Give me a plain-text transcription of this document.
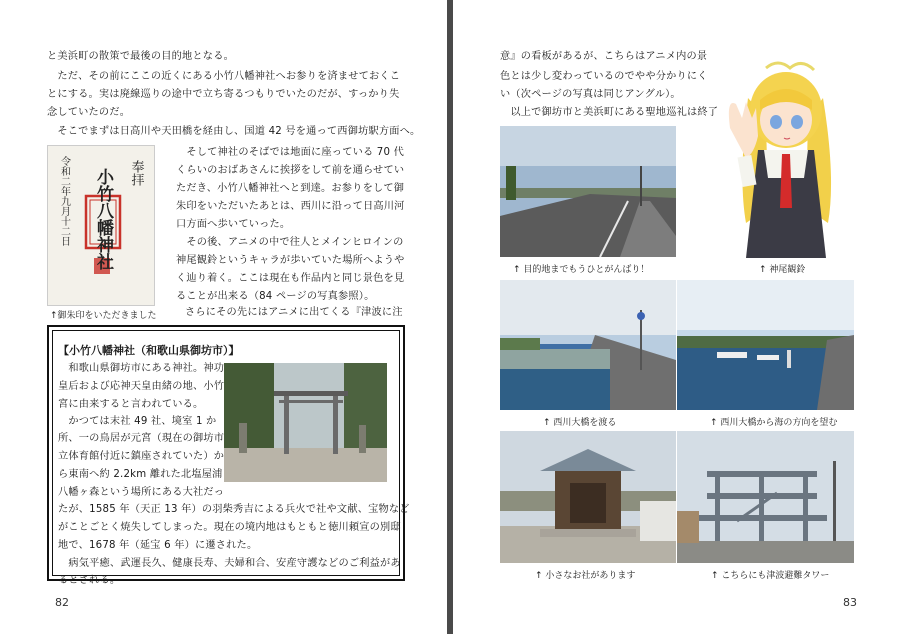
と美浜町の散策で最後の目的地となる。
　ただ、その前にここの近くにある小竹八幡神社へお参りを済ませておくこ
とにする。実は廃線巡りの途中で立ち寄るつもりでいたのだが、すっかり失
念していたのだ。
　そこでまずは日高川や天田橋を経由し、国道 42 号を通って西御坊駅方面へ。
奉拝
令和二年九月十二日 小竹八幡神社
　そして神社のそばでは地面に座っている 70 代
くらいのおばあさんに挨拶をして前を通らせてい
ただき、小竹八幡神社へと到達。お参りをして御
朱印をいただいたあとは、西川に沿って日高川河
口方面へ歩いていった。
　その後、アニメの中で往人とメインヒロインの
神尾観鈴というキャラが歩いていた場所へようや
く辿り着く。ここは現在も作品内と同じ景色を見
ることが出来る（84 ページの写真参照）。
↑御朱印をいただきました	さらにその先にはアニメに出てくる『津波に注
【小竹八幡神社（和歌山県御坊市）】
　和歌山県御坊市にある神社。神功
皇后および応神天皇由緒の地、小竹
宮に由来すると言われている。
　かつては末社 49 社、境室 1 か
所、一の鳥居が元宮（現在の御坊市
立体育館付近に鎮座されていた）か
ら東南へ約 2.2km 離れた北塩屋浦
八幡ヶ森という場所にある大社だっ
たが、1585 年（天正 13 年）の羽柴秀吉による兵火で社や文献、宝物など
がことごとく焼失してしまった。現在の境内地はもともと徳川頼宣の別邸
地で、1678 年（延宝 6 年）に遷された。
　病気平癒、武運長久、健康長寿、夫婦和合、安産守護などのご利益があ
るとされる。
82
意』の看板があるが、こちらはアニメ内の景
色とは少し変わっているのでやや分かりにく
い（次ページの写真は同じアングル）。
　以上で御坊市と美浜町にある聖地巡礼は終了
↑ 目的地までもうひとがんばり！	↑ 神尾観鈴
↑ 西川大橋を渡る	↑ 西川大橋から海の方向を望む
↑ 小さなお社があります	↑ こちらにも津波避難タワー
83
